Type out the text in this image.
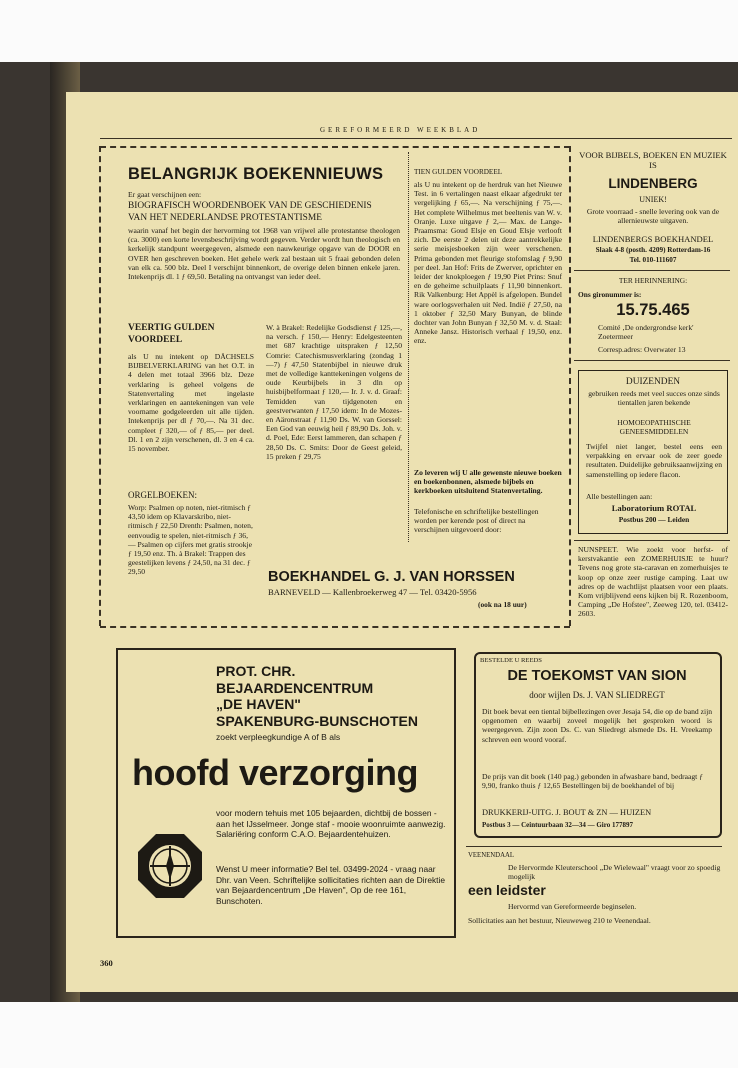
GEREFORMEERD WEEKBLAD
BELANGRIJK BOEKENNIEUWS
Er gaat verschijnen een:
BIOGRAFISCH WOORDENBOEK VAN DE GESCHIEDENIS
VAN HET NEDERLANDSE PROTESTANTISME
waarin vanaf het begin der hervorming tot 1968 van vrijwel alle protestantse theologen (ca. 3000) een korte levensbeschrijving wordt gegeven. Verder wordt hun theologisch en kerkelijk standpunt weergegeven, alsmede een nauwkeurige opgave van de DOOR en OVER hen geschreven boeken. Het gehele werk zal bestaan uit 5 fraai gebonden delen van elk ca. 500 blz. Deel I verschijnt binnenkort, de overige delen binnen enkele jaren. Intekenprijs dl. 1 ƒ 69,50. Betaling na ontvangst van ieder deel.
VEERTIG GULDEN VOORDEEL
als U nu intekent op DÄCHSELS BIJBELVERKLARING van het O.T. in 4 delen met totaal 3966 blz. Deze verklaring is geheel volgens de Statenvertaling met ingelaste verklaringen en aantekeningen van vele voorname godgeleerden uit alle tijden. Intekenprijs per dl ƒ 70,—. Na 31 dec. compleet ƒ 320,— of ƒ 85,— per deel. Dl. 1 en 2 zijn verschenen, dl. 3 en 4 ca. 15 november.
ORGELBOEKEN:
Worp: Psalmen op noten, niet-ritmisch ƒ 43,50 idem op Klavarskribo, niet-ritmisch ƒ 22,50 Drenth: Psalmen, noten, eenvoudig te spelen, niet-ritmisch ƒ 36,— Psalmen op cijfers met gratis strookje ƒ 19,50 enz. Th. à Brakel: Trappen des geestelijken levens ƒ 24,50, na 31 dec. ƒ 29,50
W. à Brakel: Redelijke Godsdienst ƒ 125,—, na versch. ƒ 150,— Henry: Edelgesteenten met 687 krachtige uitspraken ƒ 12,50 Comrie: Catechismusverklaring (zondag 1—7) ƒ 47,50 Statenbijbel in nieuwe druk met de volledige kanttekeningen volgens de oude Keurbijbels in 3 dln op huisbijbelformaat ƒ 120,— Ir. J. v. d. Graaf: Temidden van tijdgenoten en geestverwanten ƒ 17,50 idem: In de Mozes- en Aäronstraat ƒ 11,90 Ds. W. van Gorssel: Een God van eeuwig heil ƒ 89,90 Ds. Joh. v. d. Poel, Ede: Eerst lammeren, dan schapen ƒ 28,50 Ds. C. Smits: Door de Geest geleid, 15 preken ƒ 29,75
TIEN GULDEN VOORDEEL
als U nu intekent op de herdruk van het Nieuwe Test. in 6 vertalingen naast elkaar afgedrukt ter vergelijking ƒ 65,—. Na verschijning ƒ 75,—. Het complete Wilhelmus met beeltenis van W. v. Oranje. Luxe uitgave ƒ 2,— Max. de Lange-Praamsma: Goud Elsje en Goud Elsje verlooft zich. De eerste 2 delen uit deze aantrekkelijke serie meisjesboeken zijn weer verschenen. Prima gebonden met fleurige stofomslag ƒ 9,90 per deel. Jan Hof: Frits de Zwerver, oprichter en leider der knokploegen ƒ 19,90 Piet Prins: Snuf en de geheime schuilplaats ƒ 11,90 binnenkort. Rik Valkenburg: Het Appèl is afgelopen. Bundel ware oorlogsverhalen uit Ned. Indië ƒ 27,50, na 1 oktober ƒ 32,50 Mary Bunyan, de blinde dochter van John Bunyan ƒ 32,50 M. v. d. Staal: Anneke Jansz. Historisch verhaal ƒ 19,50, enz. enz.
Zo leveren wij U alle gewenste nieuwe boeken en boekenbonnen, alsmede bijbels en kerkboeken uitsluitend Statenvertaling.
Telefonische en schriftelijke bestellingen worden per kerende post of direct na verschijnen uitgevoerd door:
BOEKHANDEL G. J. VAN HORSSEN
BARNEVELD — Kallenbroekerweg 47 — Tel. 03420-5956
(ook na 18 uur)
VOOR BIJBELS, BOEKEN EN MUZIEK IS
LINDENBERG
UNIEK!
Grote voorraad - snelle levering ook van de allernieuwste uitgaven.
LINDENBERGS BOEKHANDEL
Slaak 4-8 (posth. 4209) Rotterdam-16
Tel. 010-111607
TER HERINNERING:
Ons gironummer is:
15.75.465
Comité ‚De ondergrondse kerk' Zoetermeer
Corresp.adres: Overwater 13
DUIZENDEN
gebruiken reeds met veel succes onze sinds tientallen jaren bekende
HOMOEOPATHISCHE GENEESMIDDELEN
Twijfel niet langer, bestel eens een verpakking en ervaar ook de zeer goede resultaten. Duidelijke gebruiksaanwijzing en samenstelling op iedere flacon.
Alle bestellingen aan:
Laboratorium ROTAL
Postbus 200 — Leiden
NUNSPEET. Wie zoekt voor herfst- of kerstvakantie een ZOMERHUISJE te huur? Tevens nog grote sta-caravan en zomerhuisjes te koop op onze zeer rustige camping. Laat uw adres op de wachtlijst plaatsen voor een plaats. Kom vrijblijvend eens kijken bij R. Rozenboom, Camping „De Hofstee", Zeeweg 120, tel. 03412-2603.
PROT. CHR.
BEJAARDENCENTRUM
„DE HAVEN"
SPAKENBURG-BUNSCHOTEN
zoekt verpleegkundige A of B als
hoofd verzorging
voor modern tehuis met 105 bejaarden, dichtbij de bossen - aan het IJsselmeer. Jonge staf - mooie woonruimte aanwezig. Salariëring conform C.A.O. Bejaardentehuizen.
Wenst U meer informatie? Bel tel. 03499-2024 - vraag naar Dhr. van Veen. Schriftelijke sollicitaties richten aan de Direktie van Bejaardencentrum „De Haven", Op de ree 161, Bunschoten.
BESTELDE U REEDS
DE TOEKOMST VAN SION
door wijlen Ds. J. VAN SLIEDREGT
Dit boek bevat een tiental bijbellezingen over Jesaja 54, die op de band zijn opgenomen en waarbij zoveel mogelijk het gesproken woord is weergegeven. Zijn zoon Ds. C. van Sliedregt alsmede Ds. H. Vreekamp schreven een woord vooraf.
De prijs van dit boek (140 pag.) gebonden in afwasbare band, bedraagt ƒ 9,90, franko thuis ƒ 12,65 Bestellingen bij de boekhandel of bij
DRUKKERIJ-UITG. J. BOUT & ZN — HUIZEN
Postbus 3 — Ceintuurbaan 32—34 — Giro 177897
VEENENDAAL
De Hervormde Kleuterschool „De Wielewaal" vraagt voor zo spoedig mogelijk
een leidster
Hervormd van Gereformeerde beginselen.
Sollicitaties aan het bestuur, Nieuweweg 210 te Veenendaal.
360
